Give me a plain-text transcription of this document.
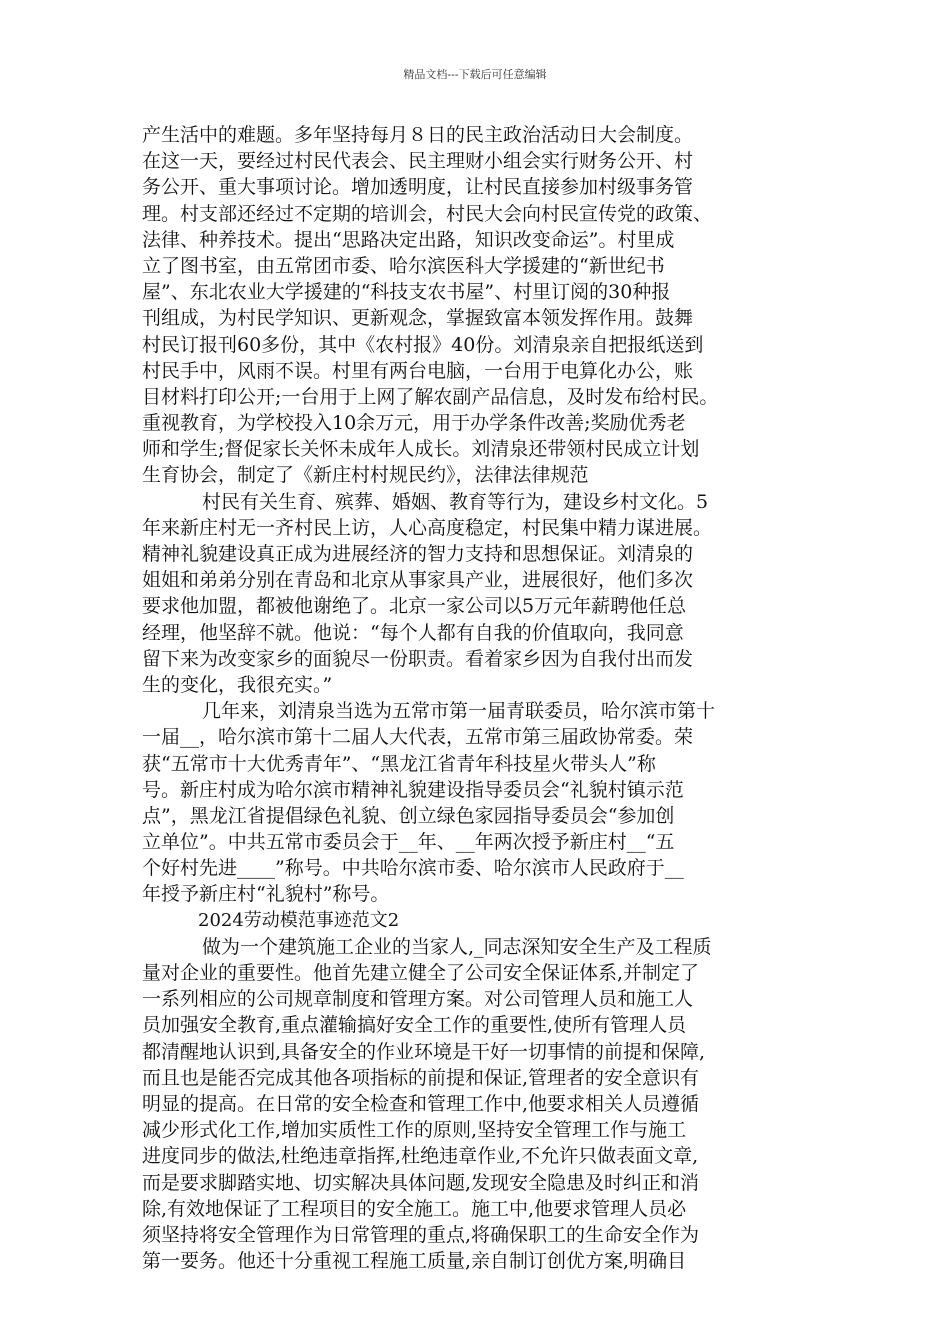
精品文档---下载后可任意编辑
产生活中的难题。多年坚持每月８日的民主政治活动日大会制度。
在这一天，要经过村民代表会、民主理财小组会实行财务公开、村
务公开、重大事项讨论。增加透明度，让村民直接参加村级事务管
理。村支部还经过不定期的培训会，村民大会向村民宣传党的政策、
法律、种养技术。提出“思路决定出路，知识改变命运”。村里成
立了图书室，由五常团市委、哈尔滨医科大学援建的“新世纪书
屋”、东北农业大学援建的“科技支农书屋”、村里订阅的30种报
刊组成，为村民学知识、更新观念，掌握致富本领发挥作用。鼓舞
村民订报刊60多份，其中《农村报》40份。刘清泉亲自把报纸送到
村民手中，风雨不误。村里有两台电脑，一台用于电算化办公，账
目材料打印公开;一台用于上网了解农副产品信息，及时发布给村民。
重视教育，为学校投入10余万元，用于办学条件改善;奖励优秀老
师和学生;督促家长关怀未成年人成长。刘清泉还带领村民成立计划
生育协会，制定了《新庄村村规民约》，法律法律规范
村民有关生育、殡葬、婚姻、教育等行为，建设乡村文化。5
年来新庄村无一齐村民上访，人心高度稳定，村民集中精力谋进展。
精神礼貌建设真正成为进展经济的智力支持和思想保证。刘清泉的
姐姐和弟弟分别在青岛和北京从事家具产业，进展很好，他们多次
要求他加盟，都被他谢绝了。北京一家公司以5万元年薪聘他任总
经理，他坚辞不就。他说：“每个人都有自我的价值取向，我同意
留下来为改变家乡的面貌尽一份职责。看着家乡因为自我付出而发
生的变化，我很充实。”
几年来，刘清泉当选为五常市第一届青联委员，哈尔滨市第十
一届__，哈尔滨市第十二届人大代表，五常市第三届政协常委。荣
获“五常市十大优秀青年”、“黑龙江省青年科技星火带头人”称
号。新庄村成为哈尔滨市精神礼貌建设指导委员会“礼貌村镇示范
点”，黑龙江省提倡绿色礼貌、创立绿色家园指导委员会“参加创
立单位”。中共五常市委员会于__年、__年两次授予新庄村__“五
个好村先进____”称号。中共哈尔滨市委、哈尔滨市人民政府于__
年授予新庄村“礼貌村”称号。
2024劳动模范事迹范文2
做为一个建筑施工企业的当家人,_同志深知安全生产及工程质
量对企业的重要性。他首先建立健全了公司安全保证体系,并制定了
一系列相应的公司规章制度和管理方案。对公司管理人员和施工人
员加强安全教育,重点灌输搞好安全工作的重要性,使所有管理人员
都清醒地认识到,具备安全的作业环境是干好一切事情的前提和保障,
而且也是能否完成其他各项指标的前提和保证,管理者的安全意识有
明显的提高。在日常的安全检查和管理工作中,他要求相关人员遵循
减少形式化工作,增加实质性工作的原则,坚持安全管理工作与施工
进度同步的做法,杜绝违章指挥,杜绝违章作业,不允许只做表面文章,
而是要求脚踏实地、切实解决具体问题,发现安全隐患及时纠正和消
除,有效地保证了工程项目的安全施工。施工中,他要求管理人员必
须坚持将安全管理作为日常管理的重点,将确保职工的生命安全作为
第一要务。他还十分重视工程施工质量,亲自制订创优方案,明确目
